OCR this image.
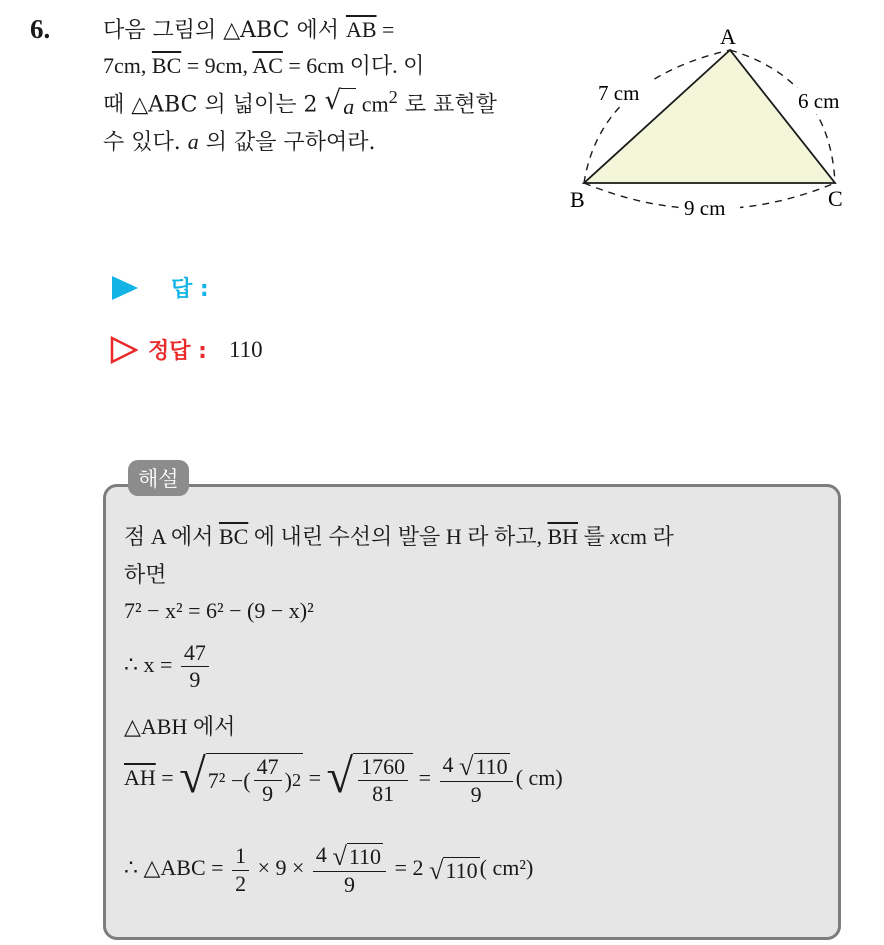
6. 다음 그림의 △ABC 에서 $\overline{AB}$ =
7cm, $\overline{BC} = 9cm$, $\overline{AC} = 6cm$ 이다. 이
때 △ABC 의 넓이는 2 √ a $cm^2$ 로 표현할
수 있다. a 의 값을 구하여라.
A
B	C
7 cm	6 cm
9 cm
답 :
정답 : 110
해설
점 A 에서 $\overline{BC}$ 에 내린 수선의 발을 H 라 하고, $\overline{BH}$ 를 xcm 라
하면
7² − x² = 6² − (9 − x)²
∴ $x = \frac{47}{9}$
△ABH 에서
$\overline{AH}$ = √ 7² − ( $\frac{47}{9}$ ) 2 = √ $\frac{1760}{81} = \frac{4 √ 110}{9}$ ( cm)
∴ △ABC = $\frac{1}{2} \times 9 \times \frac{4 √ 110}{9} = 2$ √ 110 ( cm²)
